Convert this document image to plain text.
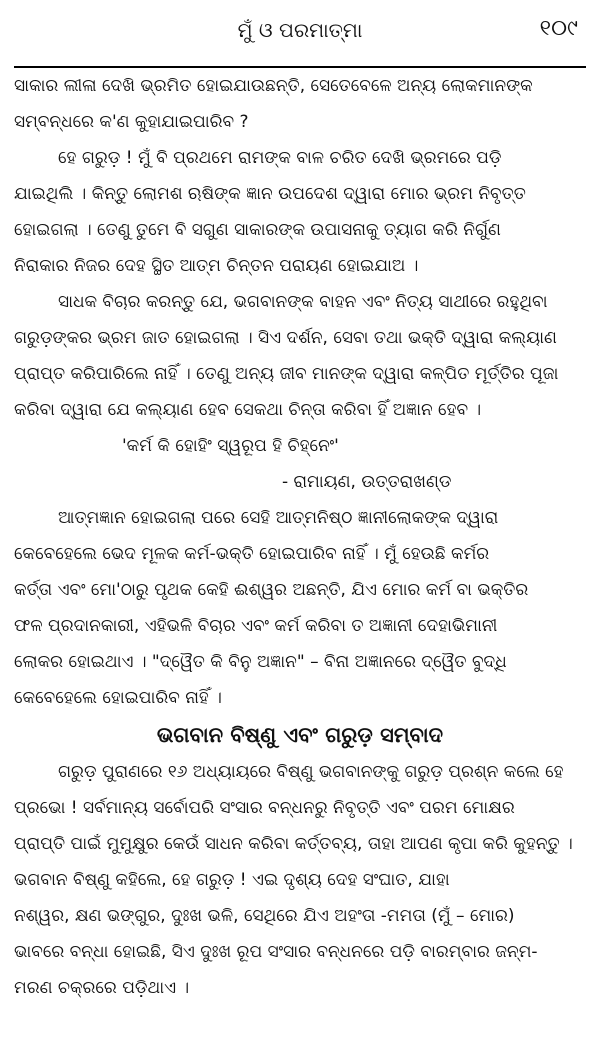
ମୁଁ ଓ ପରମାତ୍ମା	୧୦୯
ସାକାର ଲୀଳା ଦେଖି ଭ୍ରମିତ ହୋଇଯାଉଛନ୍ତି, ସେତେବେଳେ ଅନ୍ୟ ଲୋକମାନଙ୍କ
ସମ୍ବନ୍ଧରେ କ'ଣ କୁହାଯାଇପାରିବ ?
ହେ ଗରୁଡ଼ ! ମୁଁ ବି ପ୍ରଥମେ ରାମଙ୍କ ବାଳ ଚରିତ ଦେଖି ଭ୍ରମରେ ପଡ଼ି
ଯାଇଥିଲି । କିନ୍ତୁ ଲୋମଶ ଋଷିଙ୍କ ଜ୍ଞାନ ଉପଦେଶ ଦ୍ୱାରା ମୋର ଭ୍ରମ ନିବୃତ୍ତ
ହୋଇଗଲା । ତେଣୁ ତୁମେ ବି ସଗୁଣ ସାକାରଙ୍କ ଉପାସନାକୁ ତ୍ୟାଗ କରି ନିର୍ଗୁଣ
ନିରାକାର ନିଜର ଦେହ ସ୍ଥିତ ଆତ୍ମ ଚିନ୍ତନ ପରାୟଣ ହୋଇଯାଅ ।
ସାଧକ ବିଚାର କରନ୍ତୁ ଯେ, ଭଗବାନଙ୍କ ବାହନ ଏବଂ ନିତ୍ୟ ସାଥୀରେ ରହୁଥିବା
ଗରୁଡ଼ଙ୍କର ଭ୍ରମ ଜାତ ହୋଇଗଲା । ସିଏ ଦର୍ଶନ, ସେବା ତଥା ଭକ୍ତି ଦ୍ୱାରା କଲ୍ୟାଣ
ପ୍ରାପ୍ତ କରିପାରିଲେ ନାହିଁ । ତେଣୁ ଅନ୍ୟ ଜୀବ ମାନଙ୍କ ଦ୍ୱାରା କଳ୍ପିତ ମୂର୍ତ୍ତିର ପୂଜା
କରିବା ଦ୍ୱାରା ଯେ କଲ୍ୟାଣ ହେବ ସେକଥା ଚିନ୍ତା କରିବା ହିଁ ଅଜ୍ଞାନ ହେବ ।
'କର୍ମ କି ହୋହିଂ ସ୍ୱରୂପ ହି ଚିହ୍ନେଂ'
- ରାମାୟଣ, ଉତ୍ତରାଖଣ୍ଡ
ଆତ୍ମଜ୍ଞାନ ହୋଇଗଲା ପରେ ସେହି ଆତ୍ମନିଷ୍ଠ ଜ୍ଞାନୀଲୋକଙ୍କ ଦ୍ୱାରା
କେବେହେଲେ ଭେଦ ମୂଳକ କର୍ମ-ଭକ୍ତି ହୋଇପାରିବ ନାହିଁ । ମୁଁ ହେଉଛି କର୍ମର
କର୍ତ୍ତା ଏବଂ ମୋ'ଠାରୁ ପୃଥକ କେହି ଈଶ୍ୱର ଅଛନ୍ତି, ଯିଏ ମୋର କର୍ମ ବା ଭକ୍ତିର
ଫଳ ପ୍ରଦାନକାରୀ, ଏହିଭଳି ବିଚାର ଏବଂ କର୍ମ କରିବା ତ ଅଜ୍ଞାନୀ ଦେହାଭିମାନୀ
ଲୋକର ହୋଇଥାଏ । "ଦ୍ୱୈତ କି ବିନୁ ଅଜ୍ଞାନ" – ବିନା ଅଜ୍ଞାନରେ ଦ୍ୱୈତ ବୁଦ୍ଧି
କେବେହେଲେ ହୋଇପାରିବ ନାହିଁ ।
ଭଗବାନ ବିଷ୍ଣୁ ଏବଂ ଗରୁଡ଼ ସମ୍ବାଦ
ଗରୁଡ଼ ପୁରାଣରେ ୧୬ ଅଧ୍ୟାୟରେ ବିଷ୍ଣୁ ଭଗବାନଙ୍କୁ ଗରୁଡ଼ ପ୍ରଶ୍ନ କଲେ ହେ
ପ୍ରଭୋ ! ସର୍ବମାନ୍ୟ ସର୍ବୋପରି ସଂସାର ବନ୍ଧନରୁ ନିବୃତ୍ତି ଏବଂ ପରମ ମୋକ୍ଷର
ପ୍ରାପ୍ତି ପାଇଁ ମୁମୁକ୍ଷୁର କେଉଁ ସାଧନ କରିବା କର୍ତ୍ତବ୍ୟ, ତାହା ଆପଣ କୃପା କରି କୁହନ୍ତୁ ।
ଭଗବାନ ବିଷ୍ଣୁ କହିଲେ, ହେ ଗରୁଡ଼ ! ଏଇ ଦୃଶ୍ୟ ଦେହ ସଂଘାତ, ଯାହା
ନଶ୍ୱର, କ୍ଷଣ ଭଙ୍ଗୁର, ଦୁଃଖ ଭଳି, ସେଥିରେ ଯିଏ ଅହଂତା -ମମତା (ମୁଁ – ମୋର)
ଭାବରେ ବନ୍ଧା ହୋଇଛି, ସିଏ ଦୁଃଖ ରୂପ ସଂସାର ବନ୍ଧନରେ ପଡ଼ି ବାରମ୍ବାର ଜନ୍ମ-
ମରଣ ଚକ୍ରରେ ପଡ଼ିଥାଏ ।
